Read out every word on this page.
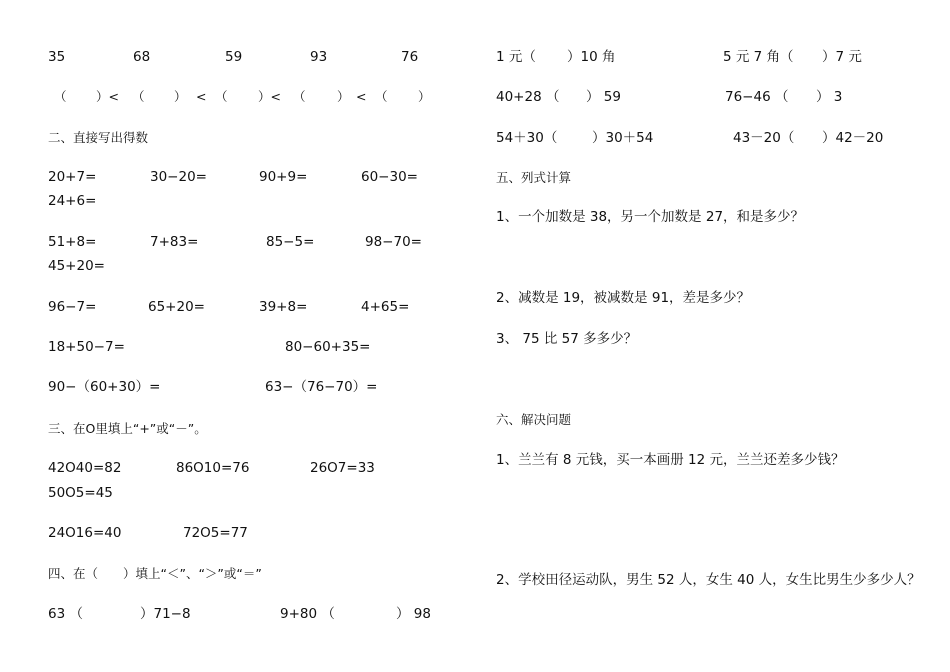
35	68	59	93	76
（ ）< （ ） < （ ）< （	） < （ ）
二、直接写出得数
20+7=	30−20=	90+9=	60−30=
24+6=
51+8=	7+83=	85−5=	98−70=
45+20=
96−7=	65+20=	39+8=	4+65=
18+50−7=	80−60+35=
90−（60+30）=	63−（76−70）=
三、在O里填上“+”或“－”。
42O40=82	86O10=76	26O7=33
50O5=45
24O16=40	72O5=77
四、在（　　）填上“＜”、“＞”或“＝”
63 （	）71−8	9+80 （	） 98
1 元（ ）10 角	5 元 7 角（ ）7 元
40+28 （ ） 59	76−46 （ ） 3
54＋30（	）30＋54	43－20（ ）42－20
五、列式计算
1、一个加数是 38，另一个加数是 27，和是多少？
2、减数是 19，被减数是 91，差是多少？
3、 75 比 57 多多少？
六、解决问题
1、兰兰有 8 元钱，买一本画册 12 元，兰兰还差多少钱？
2、学校田径运动队，男生 52 人，女生 40 人，女生比男生少多少人？
